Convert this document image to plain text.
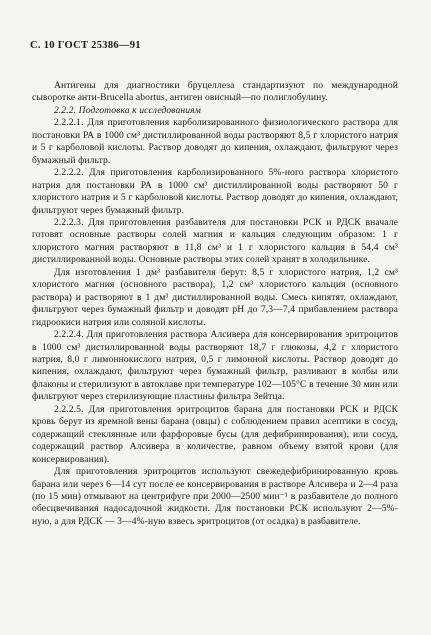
С. 10 ГОСТ 25386—91

Антигены для диагностики бруцеллеза стандартизуют по международной сыворотке анти-Brucella abortus, антиген овисный—по полиглобулину.

2.2.2. Подготовка к исследованиям

2.2.2.1. Для приготовления карболизированного физиологического раствора для постановки РА в 1000 см³ дистиллированной воды растворяют 8,5 г хлористого натрия и 5 г карболовой кислоты. Раствор доводят до кипения, охлаждают, фильтруют через бумажный фильтр.

2.2.2.2. Для приготовления карболизированного 5%-ного раствора хлористого натрия для постановки РА в 1000 см³ дистиллированной воды растворяют 50 г хлористого натрия и 5 г карболовой кислоты. Раствор доводят до кипения, охлаждают, фильтруют через бумажный фильтр.

2.2.2.3. Для приготовления разбавителя для постановки РСК и РДСК вначале готовят основные растворы солей магния и кальция следующим образом: 1 г хлористого магния растворяют в 11,8 см³ и 1 г хлористого кальция в 54,4 см³ дистиллированной воды. Основные растворы этих солей хранят в холодильнике.

Для изготовления 1 дм³ разбавителя берут: 8,5 г хлористого натрия, 1,2 см³ хлористого магния (основного раствора), 1,2 см³ хлористого кальция (основного раствора) и растворяют в 1 дм³ дистиллированной воды. Смесь кипятят, охлаждают, фильтруют через бумажный фильтр и доводят рН до 7,3—7,4 прибавлением раствора гидроокиси натрия или соляной кислоты.

2.2.2.4. Для приготовления раствора Алсивера для консервирования эритроцитов в 1000 см³ дистиллированной воды растворяют 18,7 г глюкозы, 4,2 г хлористого натрия, 8,0 г лимоннокислого натрия, 0,5 г лимонной кислоты. Раствор доводят до кипения, охлаждают, фильтруют через бумажный фильтр, разливают в колбы или флаконы и стерилизуют в автоклаве при температуре 102—105°С в течение 30 мин или фильтруют через стерилизующие пластины фильтра Зейтца.

2.2.2.5. Для приготовления эритроцитов барана для постановки РСК и РДСК кровь берут из яремной вены барана (овцы) с соблюдением правил асептики в сосуд, содержащий стеклянные или фарфоровые бусы (для дефибринирования), или сосуд, содержащий раствор Алсивера в количестве, равном объему взятой крови (для консервирования).

Для приготовления эритроцитов используют свежедефибринированную кровь барана или через 6—14 сут после ее консервирования в растворе Алсивера и 2—4 раза (по 15 мин) отмывают на центрифуге при 2000—2500 мин⁻¹ в разбавителе до полного обесцвечивания надосадочной жидкости. Для постановки РСК используют 2—5%-ную, а для РДСК — 3—4%-ную взвесь эритроцитов (от осадка) в разбавителе.
